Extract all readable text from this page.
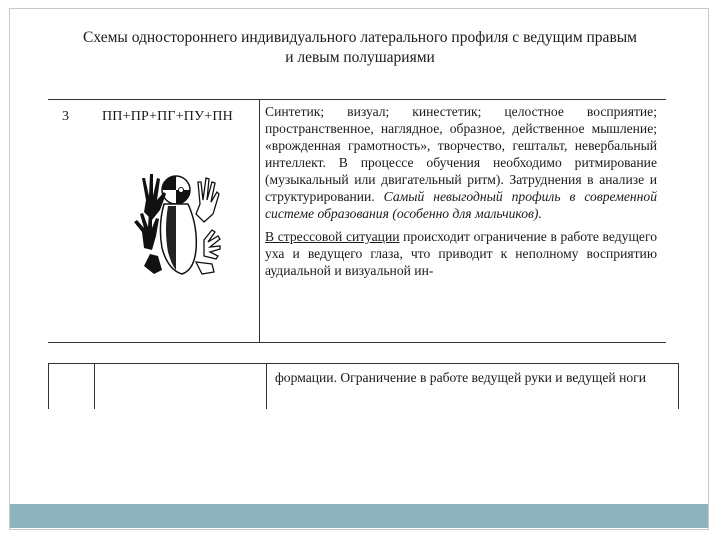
Схемы одностороннего индивидуального латерального профиля с ведущим правым
и левым полушариями
3 ПП+ПР+ПГ+ПУ+ПН Синтетик; визуал; кинестетик; целостное восприятие; пространственное, наглядное, образное, действенное мышление; «врожденная грамотность», творчество, гештальт, невербальный интеллект. В процессе обучения необходимо ритмирование (музыкальный или двигательный ритм). Затруднения в анализе и структурировании. Самый невыгодный профиль в современной системе образования (особенно для мальчиков).

В стрессовой ситуации происходит ограничение в работе ведущего уха и ведущего глаза, что приводит к неполному восприятию аудиальной и визуальной ин-

формации. Ограничение в работе ведущей руки и ведущей ноги
